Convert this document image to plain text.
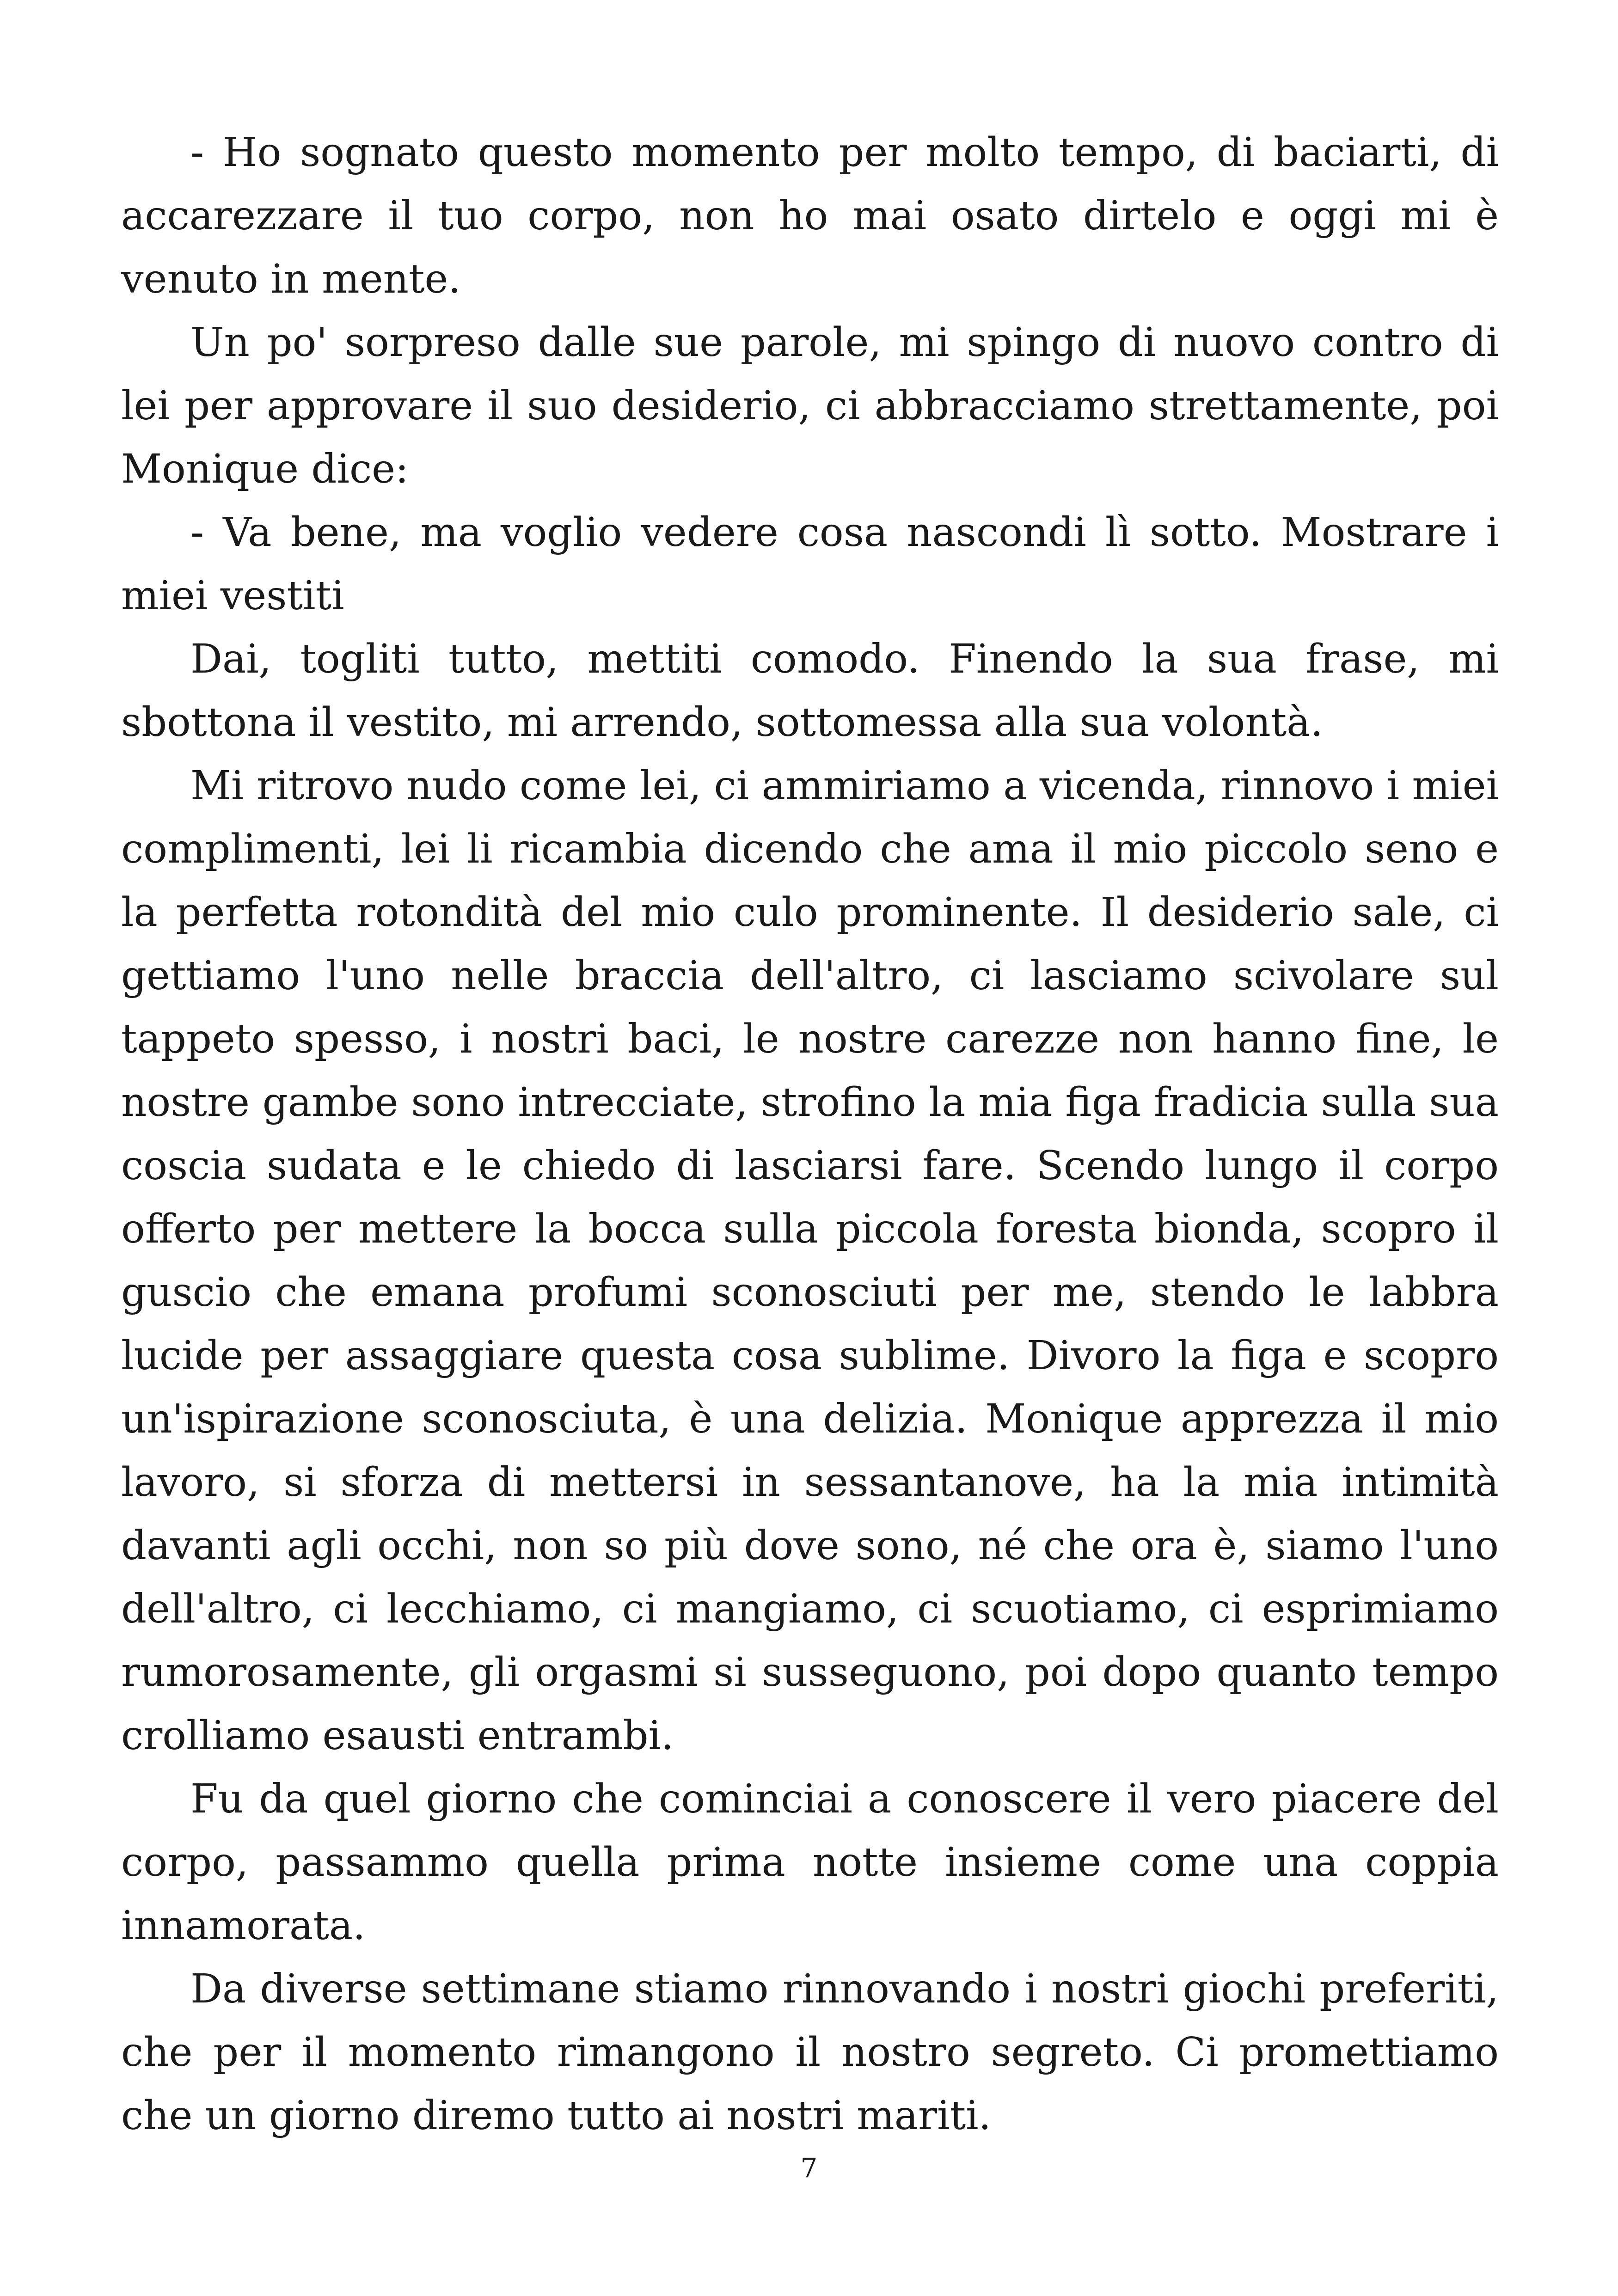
- Ho sognato questo momento per molto tempo, di baciarti, di accarezzare il tuo corpo, non ho mai osato dirtelo e oggi mi è venuto in mente.

Un po' sorpreso dalle sue parole, mi spingo di nuovo contro di lei per approvare il suo desiderio, ci abbracciamo strettamente, poi Monique dice:

- Va bene, ma voglio vedere cosa nascondi lì sotto. Mostrare i miei vestiti

Dai, togliti tutto, mettiti comodo. Finendo la sua frase, mi sbottona il vestito, mi arrendo, sottomessa alla sua volontà.

Mi ritrovo nudo come lei, ci ammiriamo a vicenda, rinnovo i miei complimenti, lei li ricambia dicendo che ama il mio piccolo seno e la perfetta rotondità del mio culo prominente. Il desiderio sale, ci gettiamo l'uno nelle braccia dell'altro, ci lasciamo scivolare sul tappeto spesso, i nostri baci, le nostre carezze non hanno fine, le nostre gambe sono intrecciate, strofino la mia figa fradicia sulla sua coscia sudata e le chiedo di lasciarsi fare. Scendo lungo il corpo offerto per mettere la bocca sulla piccola foresta bionda, scopro il guscio che emana profumi sconosciuti per me, stendo le labbra lucide per assaggiare questa cosa sublime. Divoro la figa e scopro un'ispirazione sconosciuta, è una delizia. Monique apprezza il mio lavoro, si sforza di mettersi in sessantanove, ha la mia intimità davanti agli occhi, non so più dove sono, né che ora è, siamo l'uno dell'altro, ci lecchiamo, ci mangiamo, ci scuotiamo, ci esprimiamo rumorosamente, gli orgasmi si susseguono, poi dopo quanto tempo crolliamo esausti entrambi.

Fu da quel giorno che cominciai a conoscere il vero piacere del corpo, passammo quella prima notte insieme come una coppia innamorata.

Da diverse settimane stiamo rinnovando i nostri giochi preferiti, che per il momento rimangono il nostro segreto. Ci promettiamo che un giorno diremo tutto ai nostri mariti.

7
